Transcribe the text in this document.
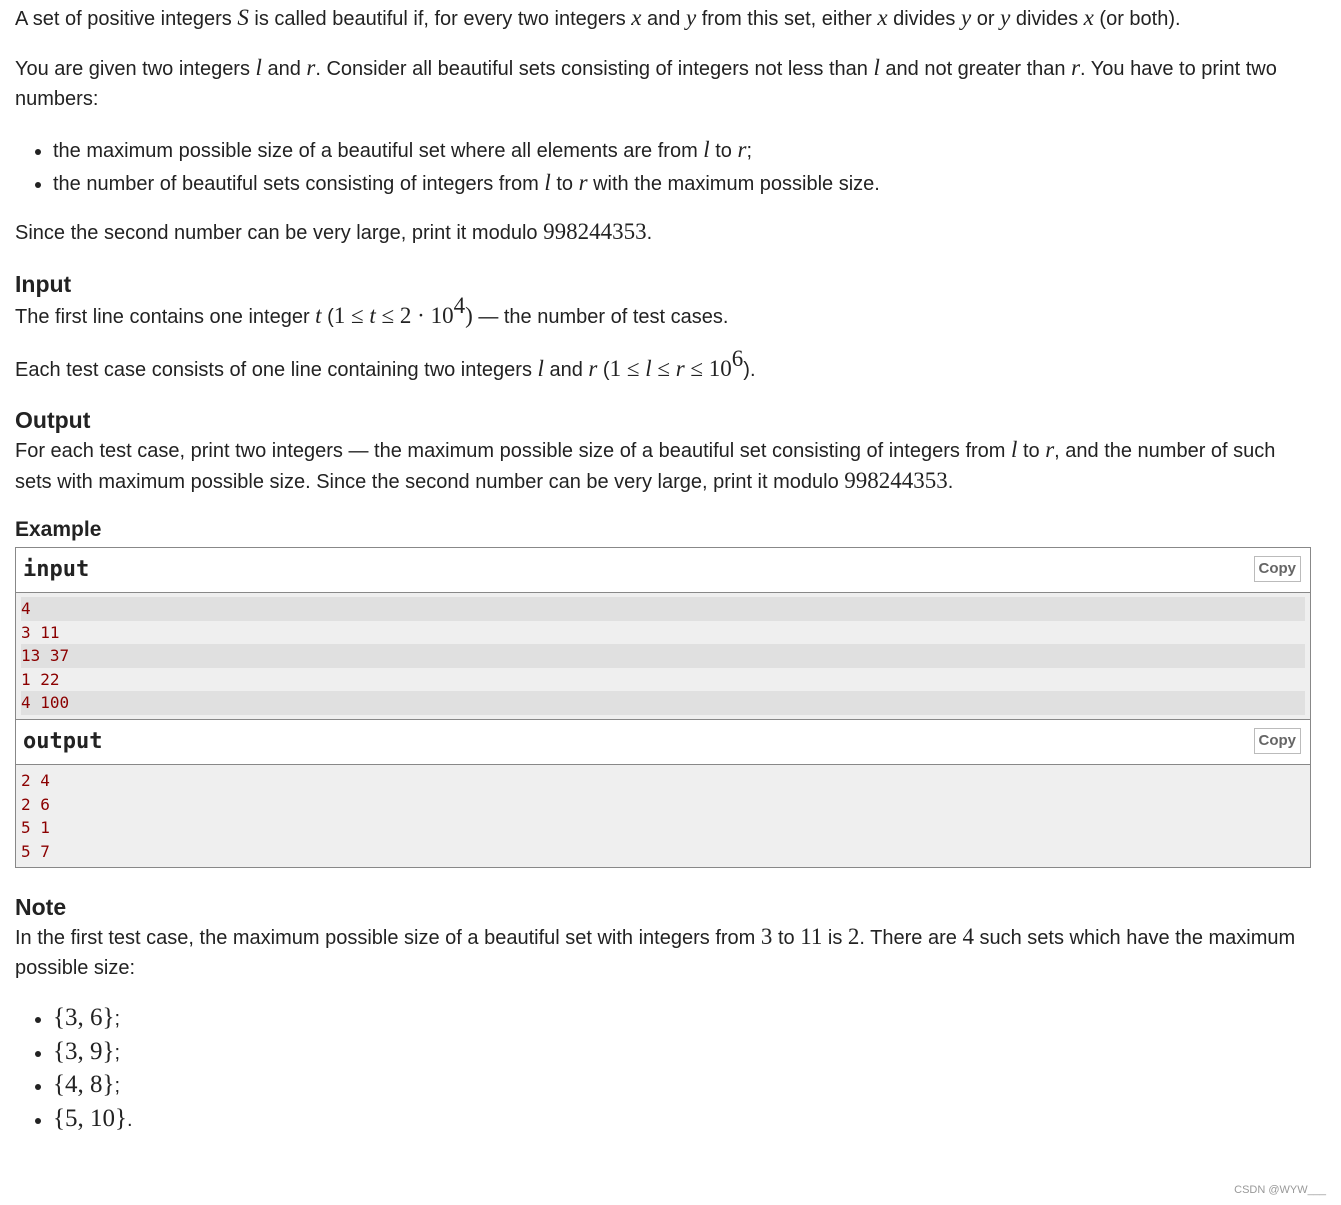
A set of positive integers S is called beautiful if, for every two integers x and y from this set, either x divides y or y divides x (or both).

You are given two integers l and r. Consider all beautiful sets consisting of integers not less than l and not greater than r. You have to print two numbers:

• the maximum possible size of a beautiful set where all elements are from l to r;
• the number of beautiful sets consisting of integers from l to r with the maximum possible size.

Since the second number can be very large, print it modulo 998244353.

Input

The first line contains one integer t $(1 \le t \le 2 \cdot 10^4)$ — the number of test cases.

Each test case consists of one line containing two integers l and r $(1 \le l \le r \le 10^6)$.

Output

For each test case, print two integers — the maximum possible size of a beautiful set consisting of integers from l to r, and the number of such sets with maximum possible size. Since the second number can be very large, print it modulo 998244353.

Example
input	Copy
4
3 11
13 37
1 22
4 100
output	Copy
2 4
2 6
5 1
5 7
Note

In the first test case, the maximum possible size of a beautiful set with integers from 3 to 11 is 2. There are 4 such sets which have the maximum possible size:

• {3, 6};
• {3, 9};
• {4, 8};
• {5, 10}.
CSDN @WYW___
